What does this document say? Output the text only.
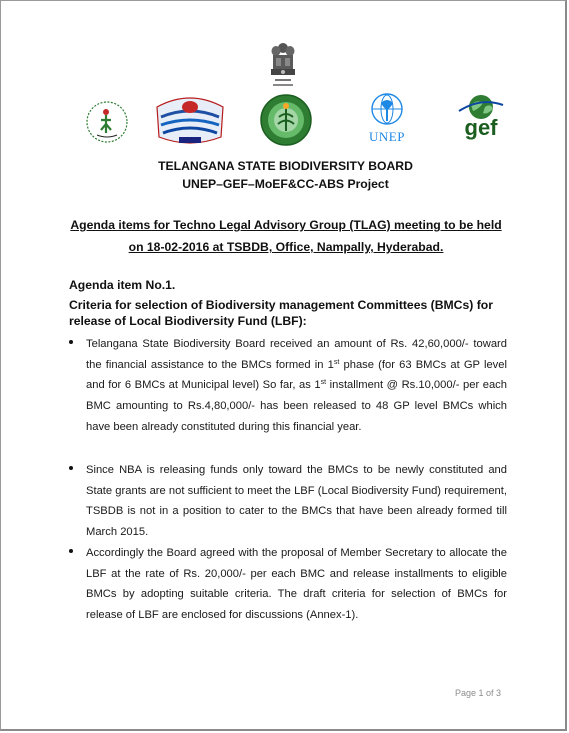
UNEP	gef
TELANGANA STATE BIODIVERSITY BOARD
UNEP–GEF–MoEF&CC-ABS Project
Agenda items for Techno Legal Advisory Group (TLAG) meeting to be held
on 18-02-2016 at TSBDB, Office, Nampally, Hyderabad.
Agenda item No.1.
Criteria for selection of Biodiversity management Committees (BMCs) for
release of Local Biodiversity Fund (LBF):
Telangana State Biodiversity Board received an amount of Rs. 42,60,000/- toward the financial assistance to the BMCs formed in 1st phase (for 63 BMCs at GP level and for 6 BMCs at Municipal level) So far, as 1st installment @ Rs.10,000/- per each BMC amounting to Rs.4,80,000/- has been released to 48 GP level BMCs which have been already constituted during this financial year.
Since NBA is releasing funds only toward the BMCs to be newly constituted and State grants are not sufficient to meet the LBF (Local Biodiversity Fund) requirement, TSBDB is not in a position to cater to the BMCs that have been already formed till March 2015.
Accordingly the Board agreed with the proposal of Member Secretary to allocate the LBF at the rate of Rs. 20,000/- per each BMC and release installments to eligible BMCs by adopting suitable criteria. The draft criteria for selection of BMCs for release of LBF are enclosed for discussions (Annex-1).
Page 1 of 3
